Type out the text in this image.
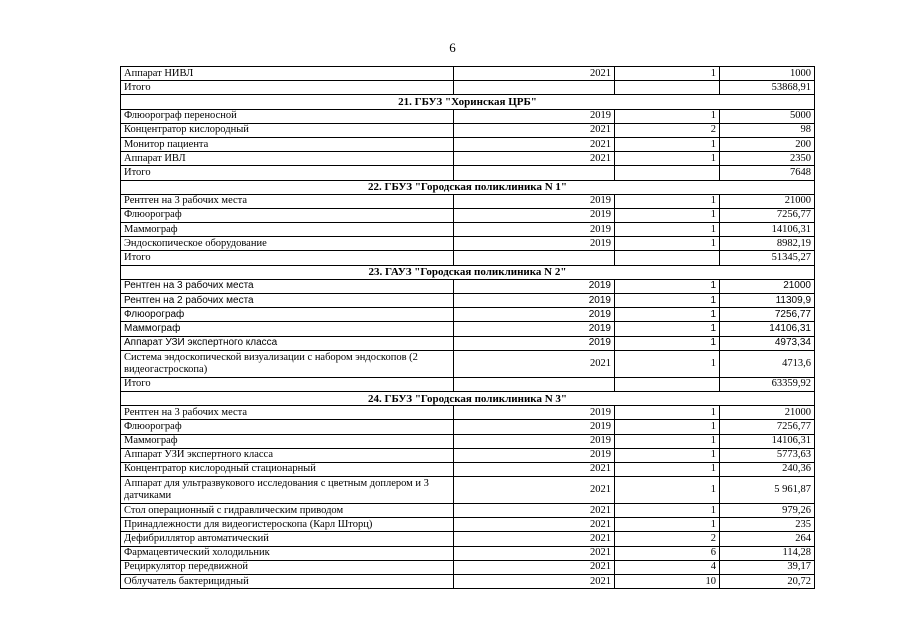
6
Аппарат НИВЛ	2021	1	1000
Итого			53868,91
21. ГБУЗ "Хоринская ЦРБ"			
Флюорограф переносной	2019	1	5000
Концентратор кислородный	2021	2	98
Монитор пациента	2021	1	200
Аппарат ИВЛ	2021	1	2350
Итого			7648
22. ГБУЗ "Городская поликлиника N 1"			
Рентген на 3 рабочих места	2019	1	21000
Флюорограф	2019	1	7256,77
Маммограф	2019	1	14106,31
Эндоскопическое оборудование	2019	1	8982,19
Итого			51345,27
23. ГАУЗ "Городская поликлиника N 2"			
Рентген на 3 рабочих места	2019	1	21000
Рентген на 2 рабочих места	2019	1	11309,9
Флюорограф	2019	1	7256,77
Маммограф	2019	1	14106,31
Аппарат УЗИ экспертного класса	2019	1	4973,34
Система эндоскопической визуализации с набором эндоскопов (2 видеогастроскопа)	2021	1	4713,6
Итого			63359,92
24. ГБУЗ "Городская поликлиника N 3"			
Рентген на 3 рабочих места	2019	1	21000
Флюорограф	2019	1	7256,77
Маммограф	2019	1	14106,31
Аппарат УЗИ экспертного класса	2019	1	5773,63
Концентратор кислородный стационарный	2021	1	240,36
Аппарат для ультразвукового исследования с цветным доплером и 3 датчиками	2021	1	5 961,87
Стол операционный с гидравлическим приводом	2021	1	979,26
Принадлежности для видеогистероскопа (Карл Шторц)	2021	1	235
Дефибриллятор автоматический	2021	2	264
Фармацевтический холодильник	2021	6	114,28
Рециркулятор передвижной	2021	4	39,17
Облучатель бактерицидный	2021	10	20,72
